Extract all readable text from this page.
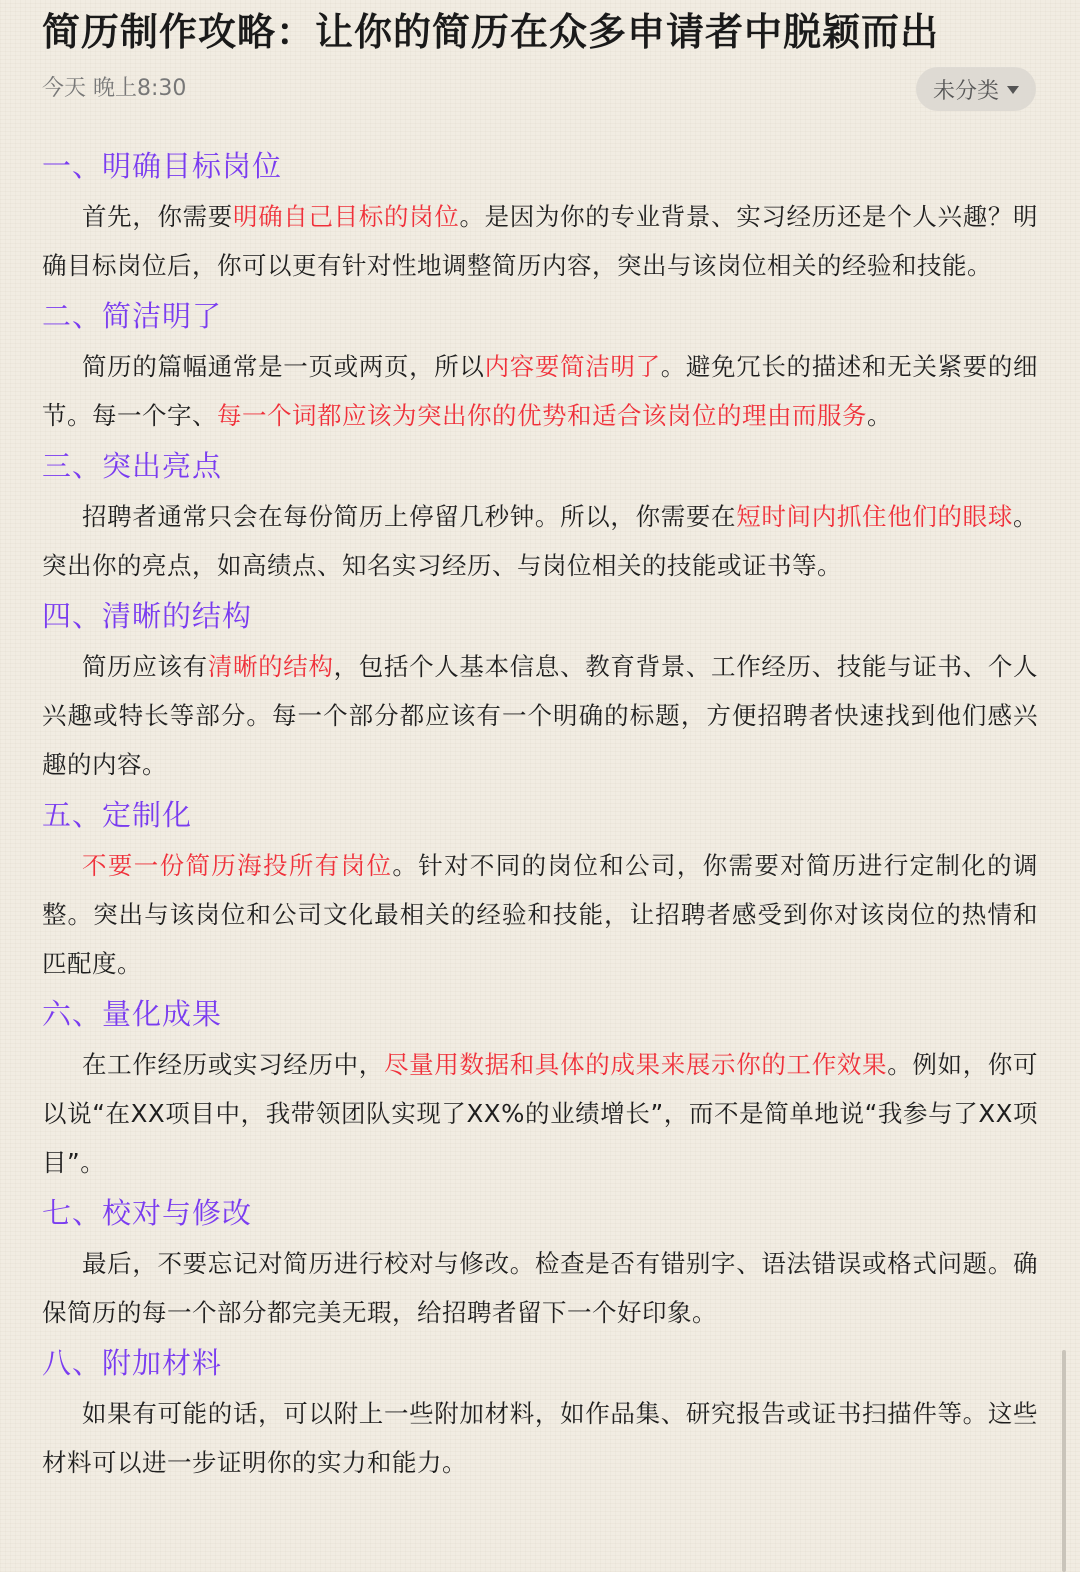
简历制作攻略：让你的简历在众多申请者中脱颖而出
今天 晚上8:30	未分类
一、明确目标岗位
首先，你需要明确自己目标的岗位。是因为你的专业背景、实习经历还是个人兴趣？明确目标岗位后，你可以更有针对性地调整简历内容，突出与该岗位相关的经验和技能。
二、简洁明了
简历的篇幅通常是一页或两页，所以内容要简洁明了。避免冗长的描述和无关紧要的细节。每一个字、每一个词都应该为突出你的优势和适合该岗位的理由而服务。
三、突出亮点
招聘者通常只会在每份简历上停留几秒钟。所以，你需要在短时间内抓住他们的眼球。突出你的亮点，如高绩点、知名实习经历、与岗位相关的技能或证书等。
四、清晰的结构
简历应该有清晰的结构，包括个人基本信息、教育背景、工作经历、技能与证书、个人兴趣或特长等部分。每一个部分都应该有一个明确的标题，方便招聘者快速找到他们感兴趣的内容。
五、定制化
不要一份简历海投所有岗位。针对不同的岗位和公司，你需要对简历进行定制化的调整。突出与该岗位和公司文化最相关的经验和技能，让招聘者感受到你对该岗位的热情和匹配度。
六、量化成果
在工作经历或实习经历中，尽量用数据和具体的成果来展示你的工作效果。例如，你可以说“在XX项目中，我带领团队实现了XX%的业绩增长”，而不是简单地说“我参与了XX项目”。
七、校对与修改
最后，不要忘记对简历进行校对与修改。检查是否有错别字、语法错误或格式问题。确保简历的每一个部分都完美无瑕，给招聘者留下一个好印象。
八、附加材料
如果有可能的话，可以附上一些附加材料，如作品集、研究报告或证书扫描件等。这些材料可以进一步证明你的实力和能力。
